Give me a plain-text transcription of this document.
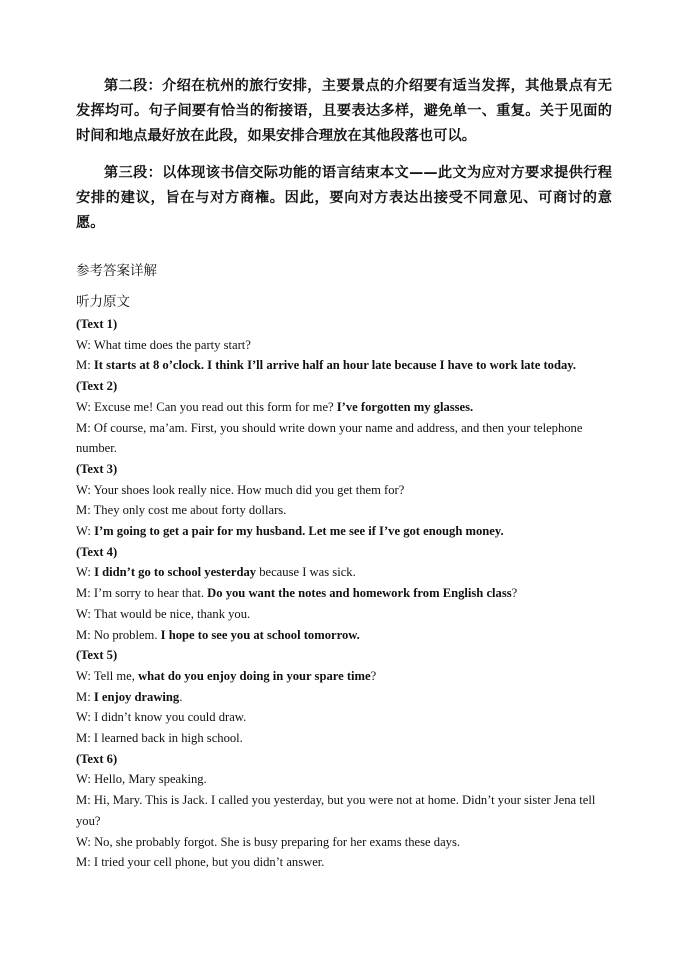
第二段：介绍在杭州的旅行安排，主要景点的介绍要有适当发挥，其他景点有无发挥均可。句子间要有恰当的衔接语，且要表达多样，避免单一、重复。关于见面的时间和地点最好放在此段，如果安排合理放在其他段落也可以。

第三段：以体现该书信交际功能的语言结束本文——此文为应对方要求提供行程安排的建议，旨在与对方商権。因此，要向对方表达出接受不同意见、可商讨的意愿。

参考答案详解
听力原文

(Text 1)

W: What time does the party start?

M: It starts at 8 o’clock. I think I’ll arrive half an hour late because I have to work late today.

(Text 2)

W: Excuse me! Can you read out this form for me? I’ve forgotten my glasses.

M: Of course, ma’am. First, you should write down your name and address, and then your telephone number.

(Text 3)

W: Your shoes look really nice. How much did you get them for?

M: They only cost me about forty dollars.

W: I’m going to get a pair for my husband. Let me see if I’ve got enough money.

(Text 4)

W: I didn’t go to school yesterday because I was sick.

M: I’m sorry to hear that. Do you want the notes and homework from English class?

W: That would be nice, thank you.

M: No problem. I hope to see you at school tomorrow.

(Text 5)

W: Tell me, what do you enjoy doing in your spare time?

M: I enjoy drawing.

W: I didn’t know you could draw.

M: I learned back in high school.

(Text 6)

W: Hello, Mary speaking.

M: Hi, Mary. This is Jack. I called you yesterday, but you were not at home. Didn’t your sister Jena tell you?

W: No, she probably forgot. She is busy preparing for her exams these days.

M: I tried your cell phone, but you didn’t answer.
